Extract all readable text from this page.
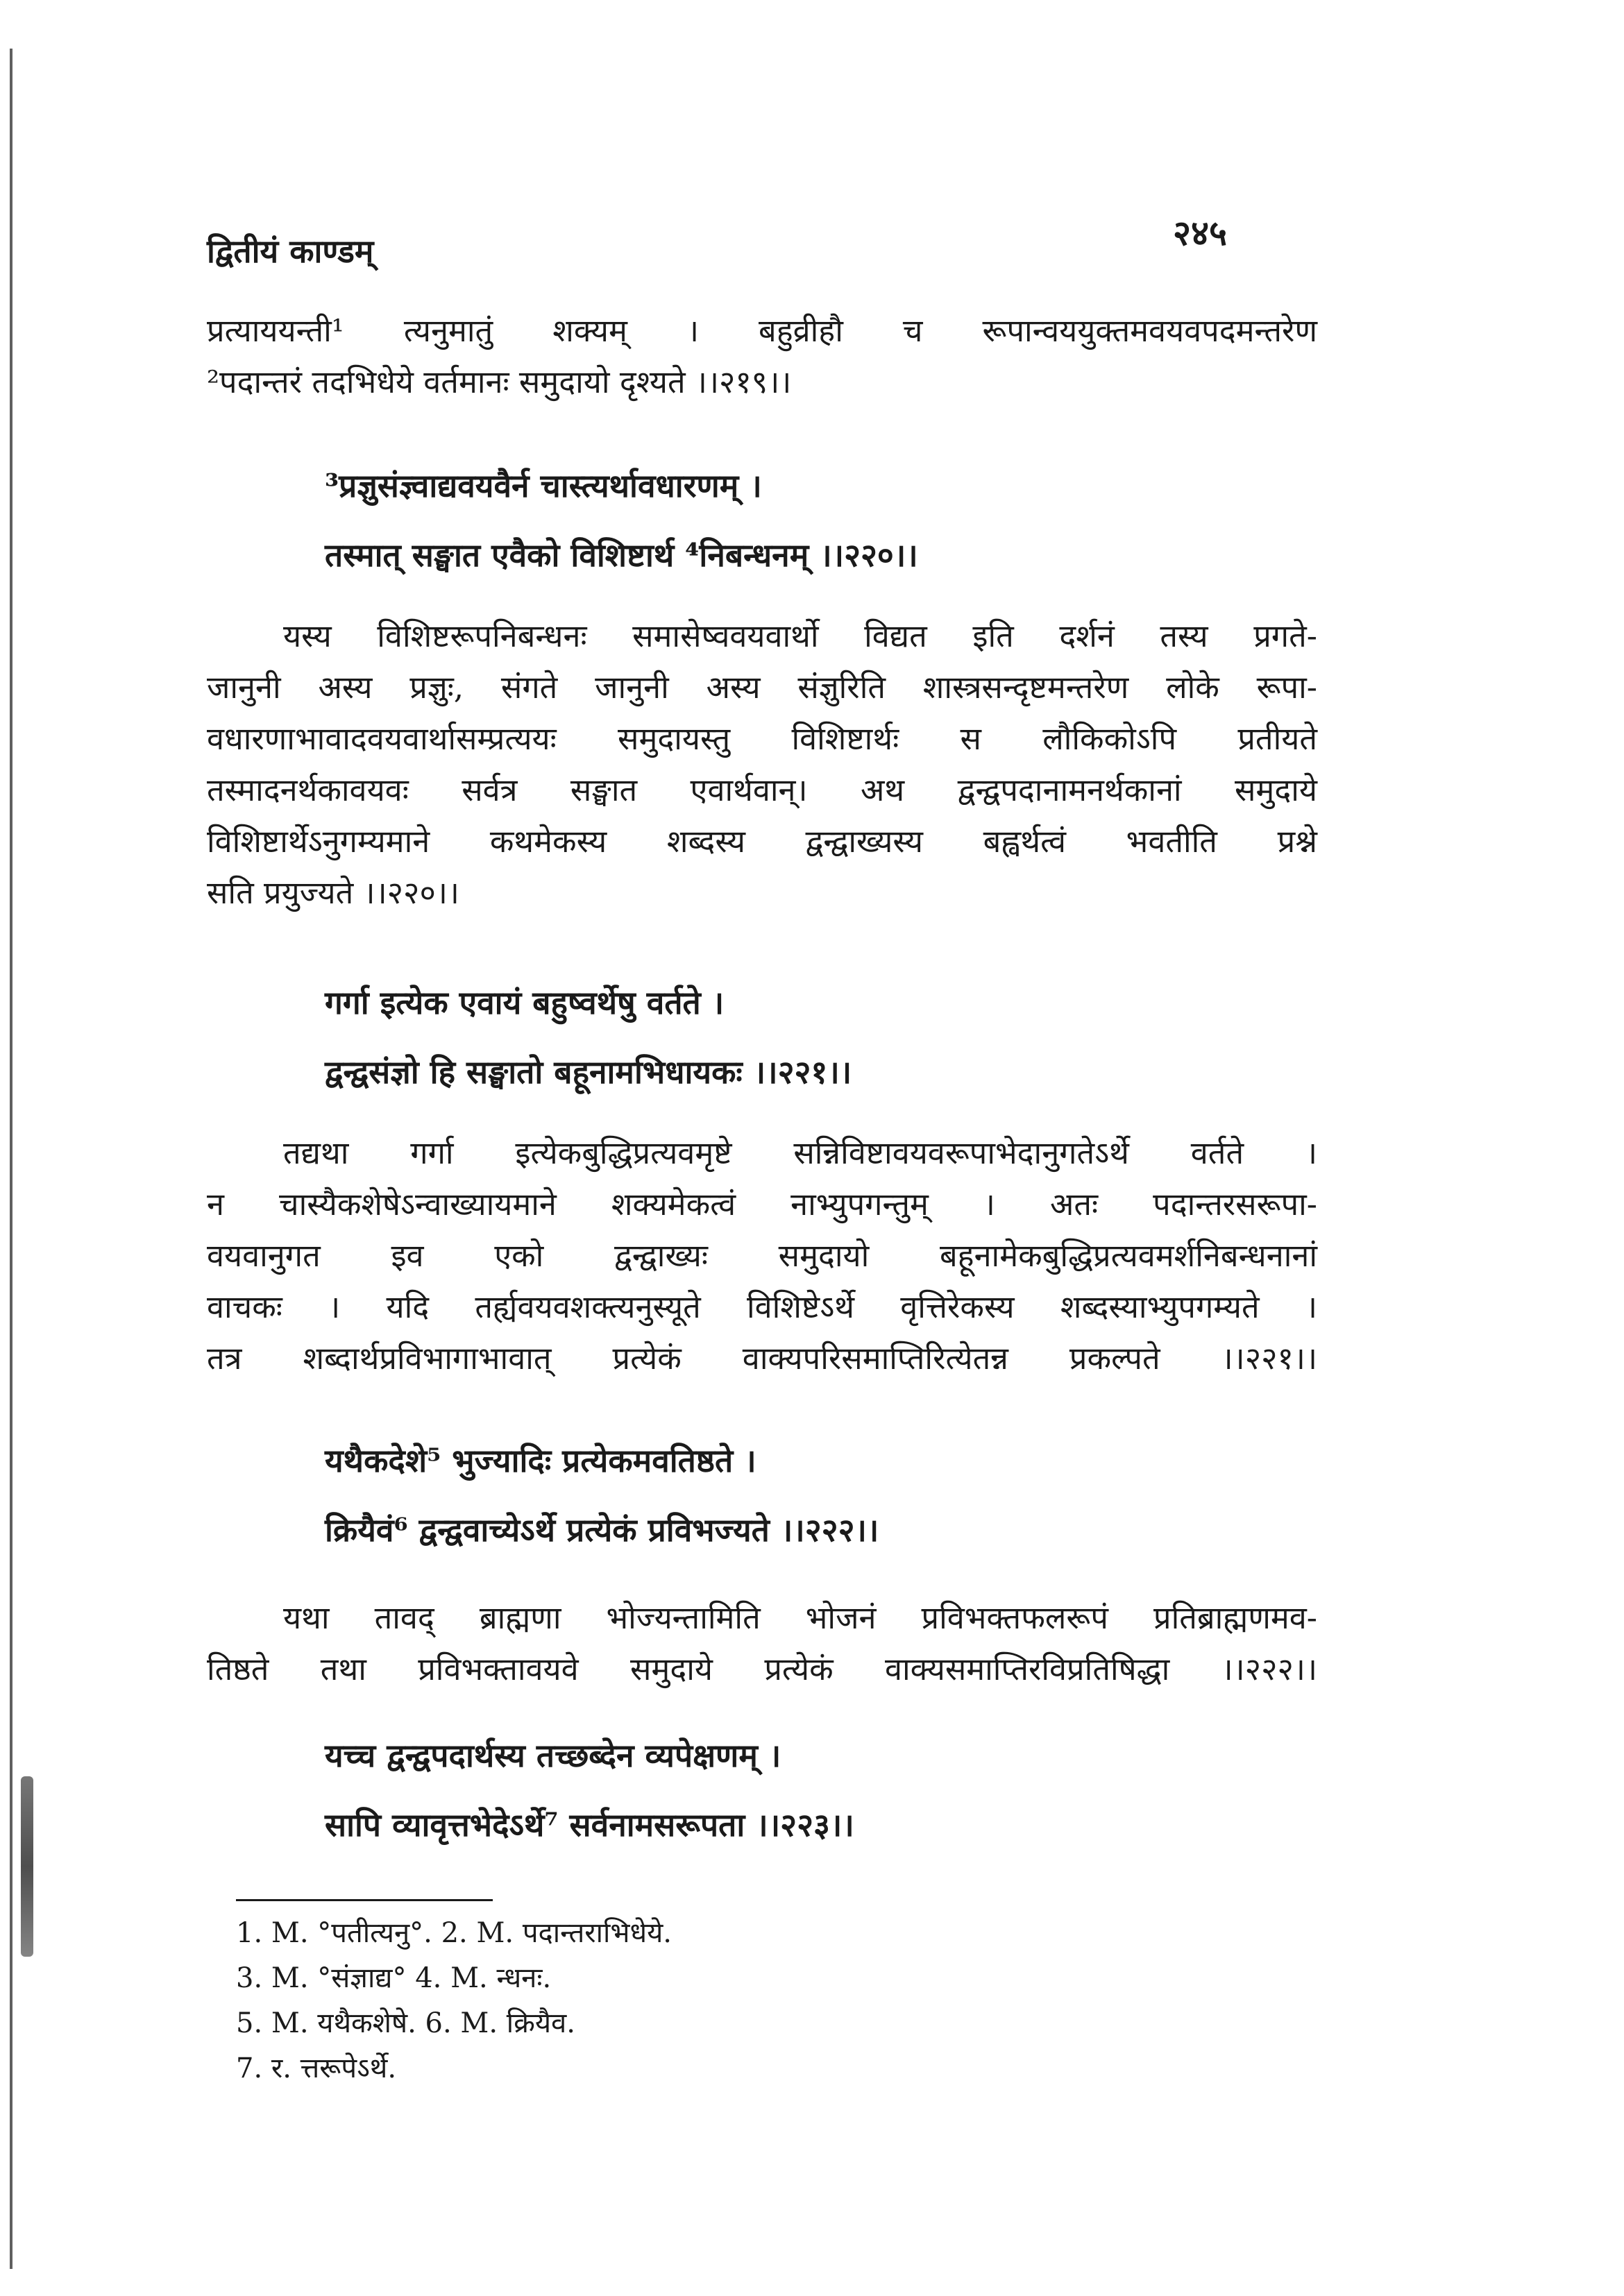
द्वितीयं काण्डम्	२४५
प्रत्याययन्ती¹ त्यनुमातुं शक्यम् । बहुव्रीहौ च रूपान्वययुक्तमवयवपदमन्तरेण
²पदान्तरं तदभिधेये वर्तमानः समुदायो दृश्यते ।।२१९।।
³प्रज्ञुसंज्ञ्वाद्यवयवैर्न चास्त्यर्थावधारणम् ।
तस्मात् सङ्घात एवैको विशिष्टार्थ ⁴निबन्धनम् ।।२२०।।
यस्य विशिष्टरूपनिबन्धनः समासेष्ववयवार्थो विद्यत इति दर्शनं तस्य प्रगते-
जानुनी अस्य प्रज्ञुः, संगते जानुनी अस्य संज्ञुरिति शास्त्रसन्दृष्टमन्तरेण लोके रूपा-
वधारणाभावादवयवार्थासम्प्रत्ययः समुदायस्तु विशिष्टार्थः स लौकिकोऽपि प्रतीयते
तस्मादनर्थकावयवः सर्वत्र सङ्घात एवार्थवान्। अथ द्वन्द्वपदानामनर्थकानां समुदाये
विशिष्टार्थेऽनुगम्यमाने कथमेकस्य शब्दस्य द्वन्द्वाख्यस्य बह्वर्थत्वं भवतीति प्रश्ने
सति प्रयुज्यते ।।२२०।।
गर्गा इत्येक एवायं बहुष्वर्थेषु वर्तते ।
द्वन्द्वसंज्ञो हि सङ्घातो बहूनामभिधायकः ।।२२१।।
तद्यथा गर्गा इत्येकबुद्धिप्रत्यवमृष्टे सन्निविष्टावयवरूपाभेदानुगतेऽर्थे वर्तते ।
न चास्यैकशेषेऽन्वाख्यायमाने शक्यमेकत्वं नाभ्युपगन्तुम् । अतः पदान्तरसरूपा-
वयवानुगत इव एको द्वन्द्वाख्यः समुदायो बहूनामेकबुद्धिप्रत्यवमर्शनिबन्धनानां
वाचकः । यदि तर्ह्यवयवशक्त्यनुस्यूते विशिष्टेऽर्थे वृत्तिरेकस्य शब्दस्याभ्युपगम्यते ।
तत्र शब्दार्थप्रविभागाभावात् प्रत्येकं वाक्यपरिसमाप्तिरित्येतन्न प्रकल्पते ।।२२१।।
यथैकदेशे⁵ भुज्यादिः प्रत्येकमवतिष्ठते ।
क्रियैवं⁶ द्वन्द्ववाच्येऽर्थे प्रत्येकं प्रविभज्यते ।।२२२।।
यथा तावद् ब्राह्मणा भोज्यन्तामिति भोजनं प्रविभक्तफलरूपं प्रतिब्राह्मणमव-
तिष्ठते तथा प्रविभक्तावयवे समुदाये प्रत्येकं वाक्यसमाप्तिरविप्रतिषिद्धा ।।२२२।।
यच्च द्वन्द्वपदार्थस्य तच्छब्देन व्यपेक्षणम् ।
सापि व्यावृत्तभेदेऽर्थे⁷ सर्वनामसरूपता ।।२२३।।
1. M. °पतीत्यनु°. 2. M. पदान्तराभिधेये.
3. M. °संज्ञाद्य° 4. M. न्धनः.
5. M. यथैकशेषे. 6. M. क्रियैव.
7. र. त्तरूपेऽर्थे.
